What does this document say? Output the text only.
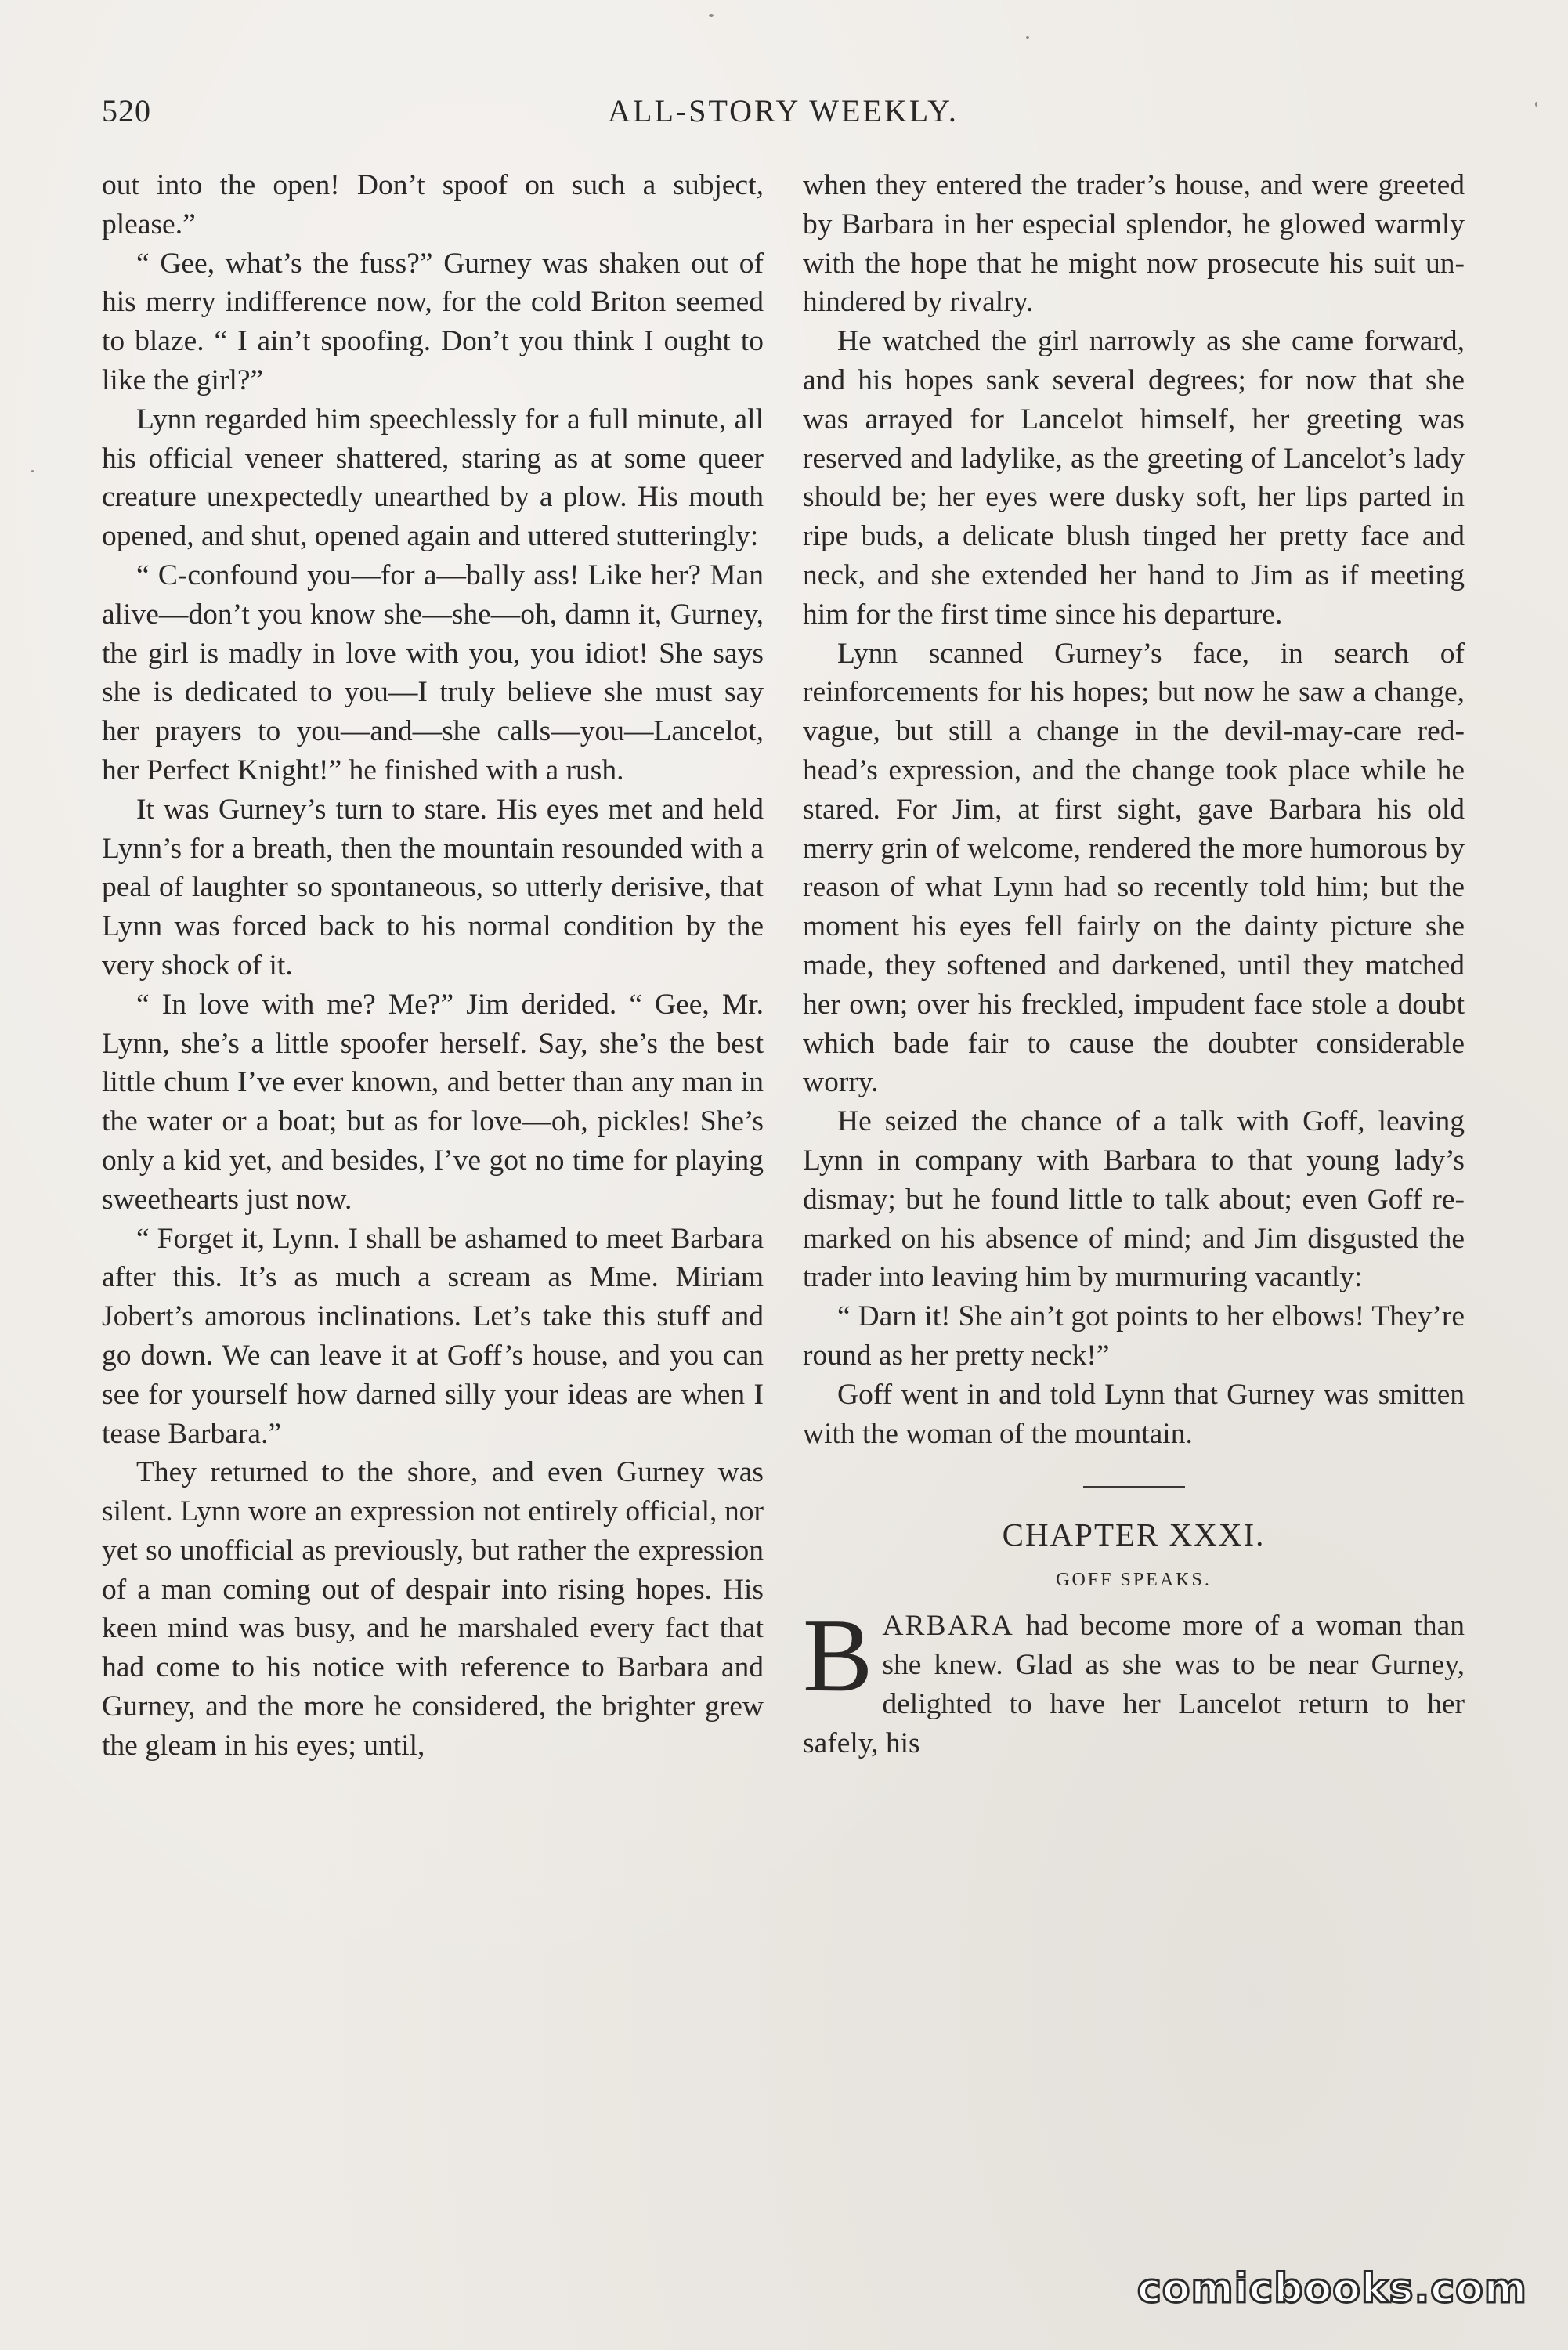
520	ALL-STORY WEEKLY.

out into the open! Don’t spoof on such a subject, please.”

“ Gee, what’s the fuss?” Gurney was shaken out of his merry indifference now, for the cold Briton seemed to blaze. “ I ain’t spoofing. Don’t you think I ought to like the girl?”

Lynn regarded him speechlessly for a full minute, all his official veneer shattered, staring as at some queer creature unexpectedly unearthed by a plow. His mouth opened, and shut, opened again and uttered stutteringly:

“ C-confound you—for a—bally ass! Like her? Man alive—don’t you know she—she—oh, damn it, Gurney, the girl is madly in love with you, you idiot! She says she is dedicated to you—I truly believe she must say her prayers to you—and—she calls—you—Lancelot, her Perfect Knight!” he finished with a rush.

It was Gurney’s turn to stare. His eyes met and held Lynn’s for a breath, then the mountain resounded with a peal of laughter so spontaneous, so utterly derisive, that Lynn was forced back to his normal condition by the very shock of it.

“ In love with me? Me?” Jim derided. “ Gee, Mr. Lynn, she’s a little spoofer herself. Say, she’s the best little chum I’ve ever known, and better than any man in the water or a boat; but as for love—oh, pickles! She’s only a kid yet, and besides, I’ve got no time for playing sweethearts just now.

“ Forget it, Lynn. I shall be ashamed to meet Barbara after this. It’s as much a scream as Mme. Miriam Jobert’s amorous inclinations. Let’s take this stuff and go down. We can leave it at Goff’s house, and you can see for yourself how darned silly your ideas are when I tease Barbara.”

They returned to the shore, and even Gurney was silent. Lynn wore an expression not entirely official, nor yet so unofficial as previously, but rather the expression of a man coming out of despair into rising hopes. His keen mind was busy, and he marshaled every fact that had come to his notice with reference to Barbara and Gurney, and the more he considered, the brighter grew the gleam in his eyes; until,

when they entered the trader’s house, and were greeted by Barbara in her especial splendor, he glowed warmly with the hope that he might now prosecute his suit unhindered by rivalry.

He watched the girl narrowly as she came forward, and his hopes sank several degrees; for now that she was arrayed for Lancelot himself, her greeting was reserved and ladylike, as the greeting of Lancelot’s lady should be; her eyes were dusky soft, her lips parted in ripe buds, a delicate blush tinged her pretty face and neck, and she extended her hand to Jim as if meeting him for the first time since his departure.

Lynn scanned Gurney’s face, in search of reinforcements for his hopes; but now he saw a change, vague, but still a change in the devil-may-care red-head’s expression, and the change took place while he stared. For Jim, at first sight, gave Barbara his old merry grin of welcome, rendered the more humorous by reason of what Lynn had so recently told him; but the moment his eyes fell fairly on the dainty picture she made, they softened and darkened, until they matched her own; over his freckled, impudent face stole a doubt which bade fair to cause the doubter considerable worry.

He seized the chance of a talk with Goff, leaving Lynn in company with Barbara to that young lady’s dismay; but he found little to talk about; even Goff remarked on his absence of mind; and Jim disgusted the trader into leaving him by murmuring vacantly:

“ Darn it! She ain’t got points to her elbows! They’re round as her pretty neck!”

Goff went in and told Lynn that Gurney was smitten with the woman of the mountain.

CHAPTER XXXI.
GOFF SPEAKS.

BARBARA had become more of a woman than she knew. Glad as she was to be near Gurney, delighted to have her Lancelot return to her safely, his

comicbooks.com
